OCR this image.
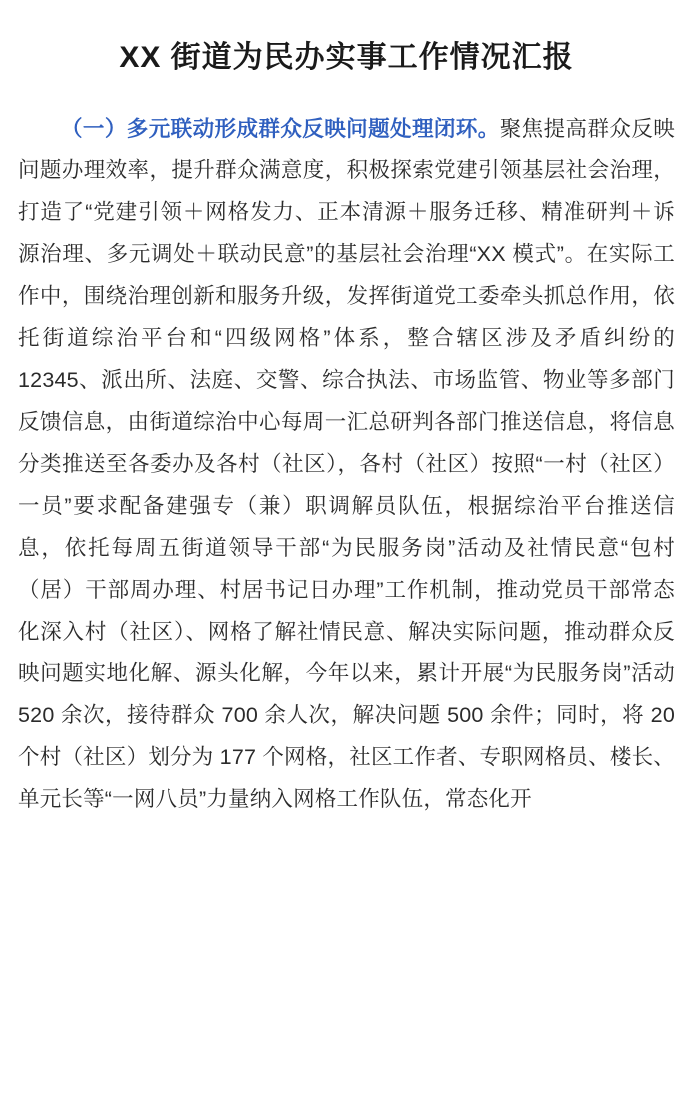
XX 街道为民办实事工作情况汇报

（一）多元联动形成群众反映问题处理闭环。聚焦提高群众反映问题办理效率，提升群众满意度，积极探索党建引领基层社会治理，打造了“党建引领＋网格发力、正本清源＋服务迁移、精准研判＋诉源治理、多元调处＋联动民意”的基层社会治理“XX 模式”。在实际工作中，围绕治理创新和服务升级，发挥街道党工委牵头抓总作用，依托街道综治平台和“四级网格”体系，整合辖区涉及矛盾纠纷的 12345、派出所、法庭、交警、综合执法、市场监管、物业等多部门反馈信息，由街道综治中心每周一汇总研判各部门推送信息，将信息分类推送至各委办及各村（社区），各村（社区）按照“一村（社区）一员”要求配备建强专（兼）职调解员队伍，根据综治平台推送信息，依托每周五街道领导干部“为民服务岗”活动及社情民意“包村（居）干部周办理、村居书记日办理”工作机制，推动党员干部常态化深入村（社区）、网格了解社情民意、解决实际问题，推动群众反映问题实地化解、源头化解，今年以来，累计开展“为民服务岗”活动 520 余次，接待群众 700 余人次，解决问题 500 余件；同时，将 20 个村（社区）划分为 177 个网格，社区工作者、专职网格员、楼长、单元长等“一网八员”力量纳入网格工作队伍，常态化开
